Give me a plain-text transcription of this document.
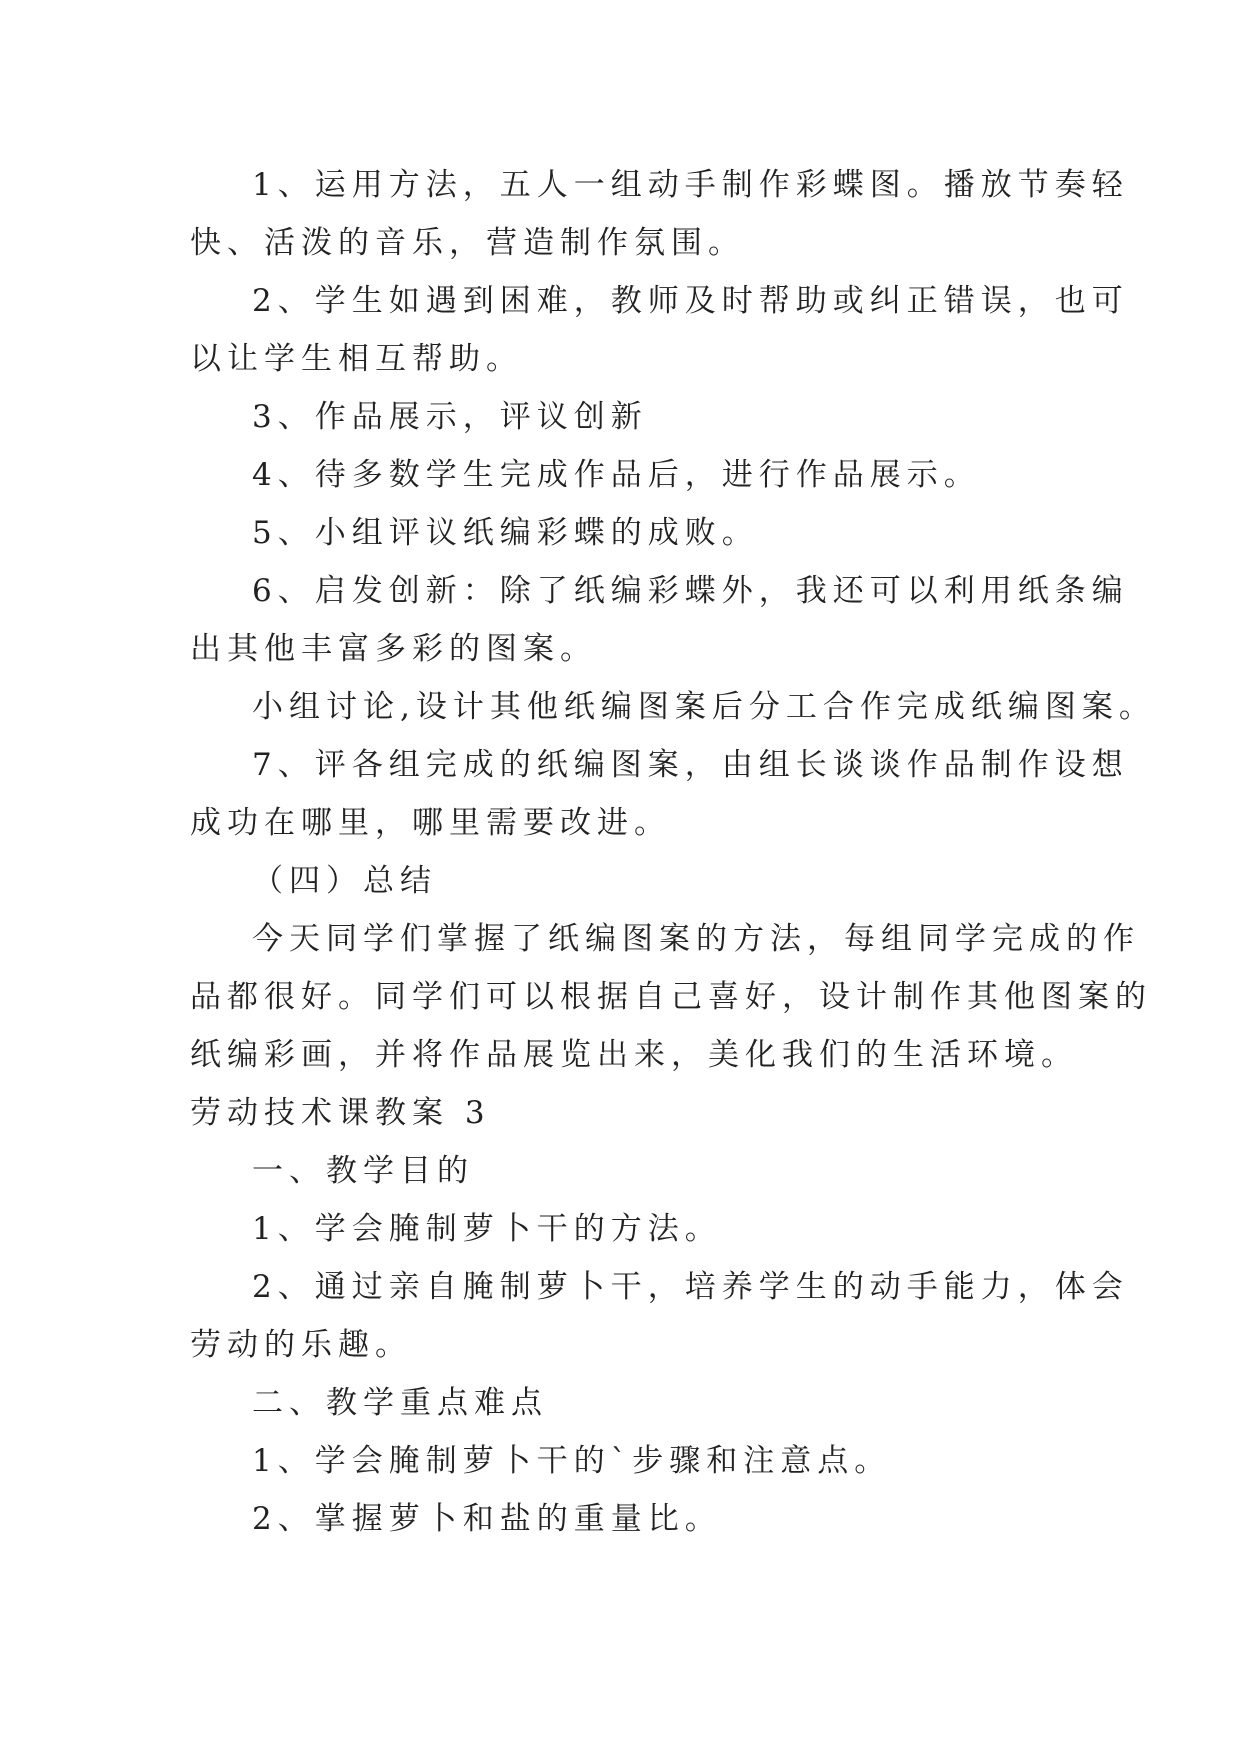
1、运用方法，五人一组动手制作彩蝶图。播放节奏轻

快、活泼的音乐，营造制作氛围。

2、学生如遇到困难，教师及时帮助或纠正错误，也可

以让学生相互帮助。

3、作品展示，评议创新

4、待多数学生完成作品后，进行作品展示。

5、小组评议纸编彩蝶的成败。

6、启发创新：除了纸编彩蝶外，我还可以利用纸条编

出其他丰富多彩的图案。

小组讨论,设计其他纸编图案后分工合作完成纸编图案。

7、评各组完成的纸编图案，由组长谈谈作品制作设想

成功在哪里，哪里需要改进。

（四）总结

今天同学们掌握了纸编图案的方法，每组同学完成的作

品都很好。同学们可以根据自己喜好，设计制作其他图案的

纸编彩画，并将作品展览出来，美化我们的生活环境。

劳动技术课教案 3

一、教学目的

1、学会腌制萝卜干的方法。

2、通过亲自腌制萝卜干，培养学生的动手能力，体会

劳动的乐趣。

二、教学重点难点

1、学会腌制萝卜干的`步骤和注意点。

2、掌握萝卜和盐的重量比。
